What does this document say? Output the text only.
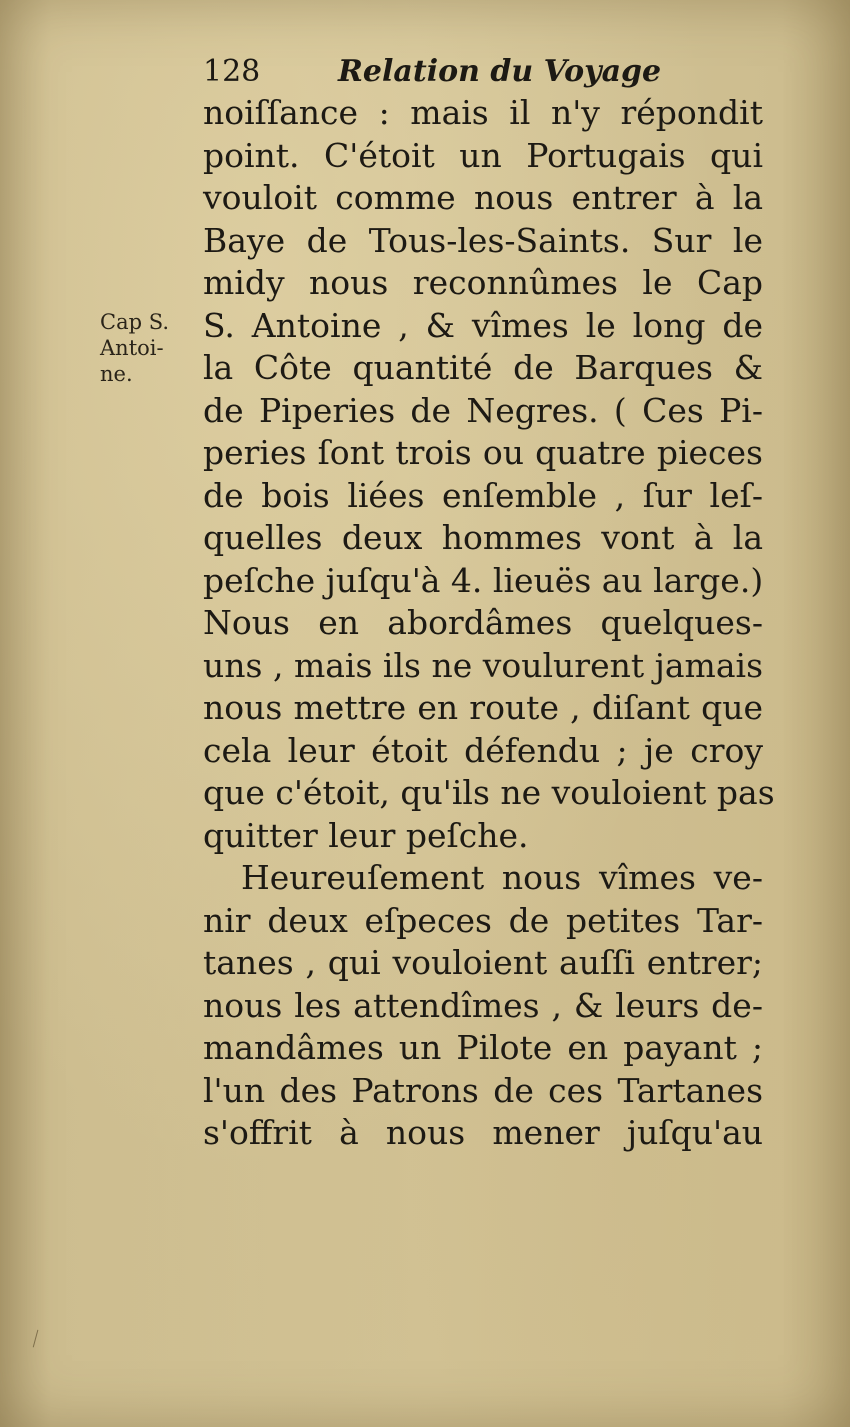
128	Relation du Voyage
Cap S.
Antoi-
ne.
noiſſance : mais il n'y répondit
point. C'étoit un Portugais qui
vouloit comme nous entrer à la
Baye de Tous-les-Saints. Sur le
midy nous reconnûmes le Cap
S. Antoine , & vîmes le long de
la Côte quantité de Barques &
de Piperies de Negres. ( Ces Pi-
peries ſont trois ou quatre pieces
de bois liées enſemble , ſur leſ-
quelles deux hommes vont à la
peſche juſqu'à 4. lieuës au large.)
Nous en abordâmes quelques-
uns , mais ils ne voulurent jamais
nous mettre en route , diſant que
cela leur étoit défendu ; je croy
que c'étoit, qu'ils ne vouloient pas
quitter leur peſche.
Heureuſement nous vîmes ve-
nir deux eſpeces de petites Tar-
tanes , qui vouloient auſſi entrer;
nous les attendîmes , & leurs de-
mandâmes un Pilote en payant ;
l'un des Patrons de ces Tartanes
s'offrit à nous mener juſqu'au
